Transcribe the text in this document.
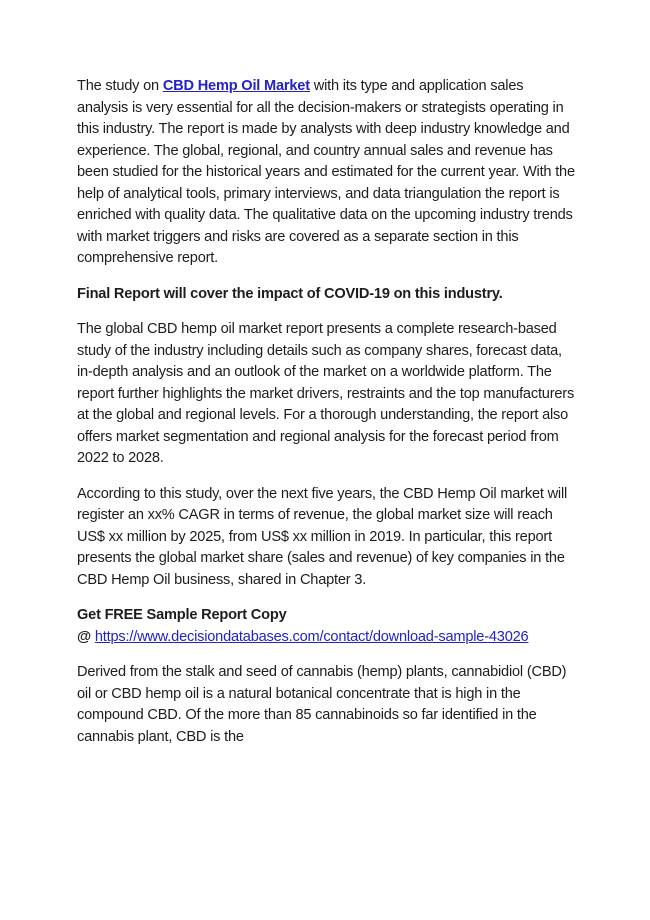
The study on CBD Hemp Oil Market with its type and application sales analysis is very essential for all the decision-makers or strategists operating in this industry. The report is made by analysts with deep industry knowledge and experience. The global, regional, and country annual sales and revenue has been studied for the historical years and estimated for the current year. With the help of analytical tools, primary interviews, and data triangulation the report is enriched with quality data. The qualitative data on the upcoming industry trends with market triggers and risks are covered as a separate section in this comprehensive report.

Final Report will cover the impact of COVID-19 on this industry.

The global CBD hemp oil market report presents a complete research-based study of the industry including details such as company shares, forecast data, in-depth analysis and an outlook of the market on a worldwide platform. The report further highlights the market drivers, restraints and the top manufacturers at the global and regional levels. For a thorough understanding, the report also offers market segmentation and regional analysis for the forecast period from 2022 to 2028.

According to this study, over the next five years, the CBD Hemp Oil market will register an xx% CAGR in terms of revenue, the global market size will reach US$ xx million by 2025, from US$ xx million in 2019. In particular, this report presents the global market share (sales and revenue) of key companies in the CBD Hemp Oil business, shared in Chapter 3.

Get FREE Sample Report Copy
@ https://www.decisiondatabases.com/contact/download-sample-43026

Derived from the stalk and seed of cannabis (hemp) plants, cannabidiol (CBD) oil or CBD hemp oil is a natural botanical concentrate that is high in the compound CBD. Of the more than 85 cannabinoids so far identified in the cannabis plant, CBD is the
